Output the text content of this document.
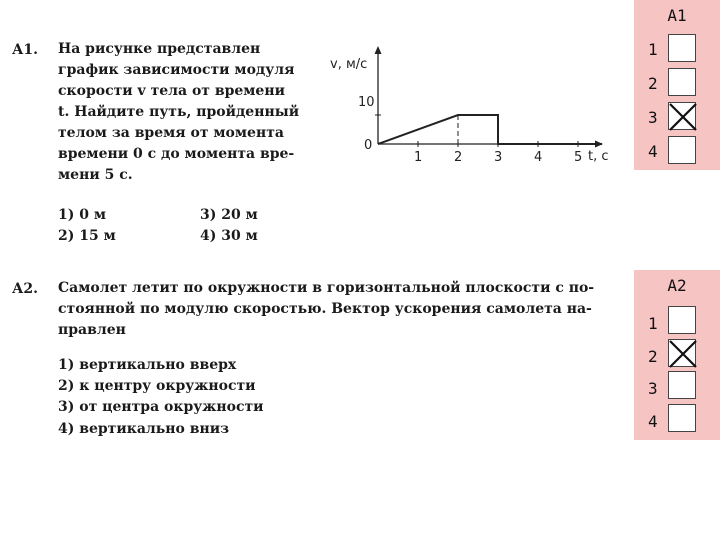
А1. На рисунке представлен
график зависимости модуля
скорости v тела от времени
t. Найдите путь, пройденный
телом за время от момента
времени 0 с до момента вре-
мени 5 с.
1) 0 м
2) 15 м
3) 20 м
4) 30 м
v, м/с
10
0
t, с
1 2 3 4 5
А2. Самолет летит по окружности в горизонтальной плоскости с по-
стоянной по модулю скоростью. Вектор ускорения самолета на-
правлен
1) вертикально вверх
2) к центру окружности
3) от центра окружности
4) вертикально вниз
А1
1
2
3
4
А2
1
2
3
4
